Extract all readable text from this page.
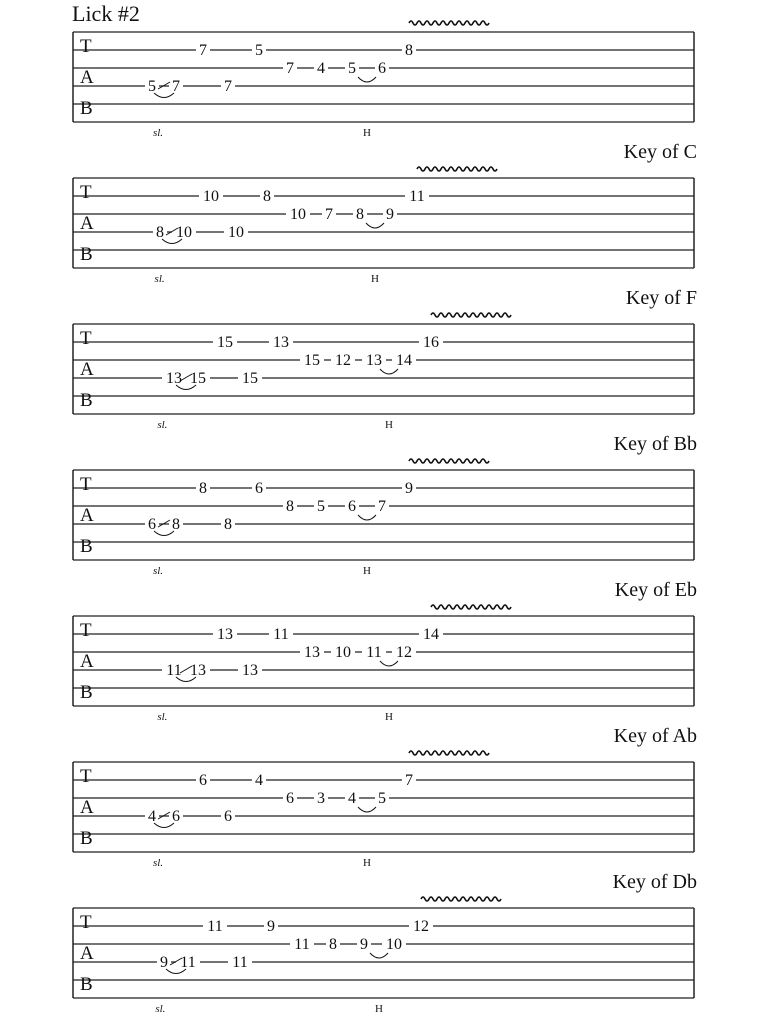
Lick #2
T
A
B
7	5	8
7 4 5 6
5 7	7
sl.	H
Key of C
T
A
B
10	8	11
10 7 8 9
8 10 10
sl.	H
Key of F
T
A
B
15	13	16
15 12 13 14
13 15 15
sl.	H
Key of Bb
T
A
B
8	6	9
8 5 6 7
6 8	8
sl.	H
Key of Eb
T
A
B
13	11	14
13 10 11 12
11 13 13
sl.	H
Key of Ab
T
A
B
6	4	7
6 3 4 5
4 6	6
sl.	H
Key of Db
T
A
B
11	9	12
11 8 9 10
9 11 11
sl.	H
